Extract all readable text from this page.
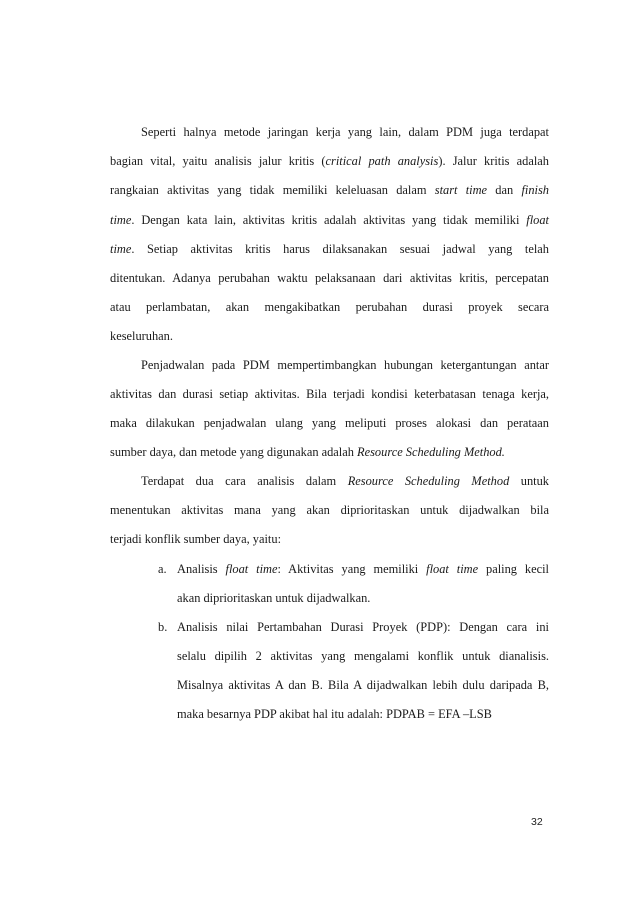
Seperti halnya metode jaringan kerja yang lain, dalam PDM juga terdapat
bagian vital, yaitu analisis jalur kritis (critical path analysis). Jalur kritis adalah
rangkaian aktivitas yang tidak memiliki keleluasan dalam start time dan finish
time. Dengan kata lain, aktivitas kritis adalah aktivitas yang tidak memiliki float
time. Setiap aktivitas kritis harus dilaksanakan sesuai jadwal yang telah
ditentukan. Adanya perubahan waktu pelaksanaan dari aktivitas kritis, percepatan
atau perlambatan, akan mengakibatkan perubahan durasi proyek secara
keseluruhan.
Penjadwalan pada PDM mempertimbangkan hubungan ketergantungan antar
aktivitas dan durasi setiap aktivitas. Bila terjadi kondisi keterbatasan tenaga kerja,
maka dilakukan penjadwalan ulang yang meliputi proses alokasi dan perataan
sumber daya, dan metode yang digunakan adalah Resource Scheduling Method.
Terdapat dua cara analisis dalam Resource Scheduling Method untuk
menentukan aktivitas mana yang akan diprioritaskan untuk dijadwalkan bila
terjadi konflik sumber daya, yaitu:
a. Analisis float time: Aktivitas yang memiliki float time paling kecil
akan diprioritaskan untuk dijadwalkan.
b. Analisis nilai Pertambahan Durasi Proyek (PDP): Dengan cara ini
selalu dipilih 2 aktivitas yang mengalami konflik untuk dianalisis.
Misalnya aktivitas A dan B. Bila A dijadwalkan lebih dulu daripada B,
maka besarnya PDP akibat hal itu adalah: PDPAB = EFA –LSB
32
